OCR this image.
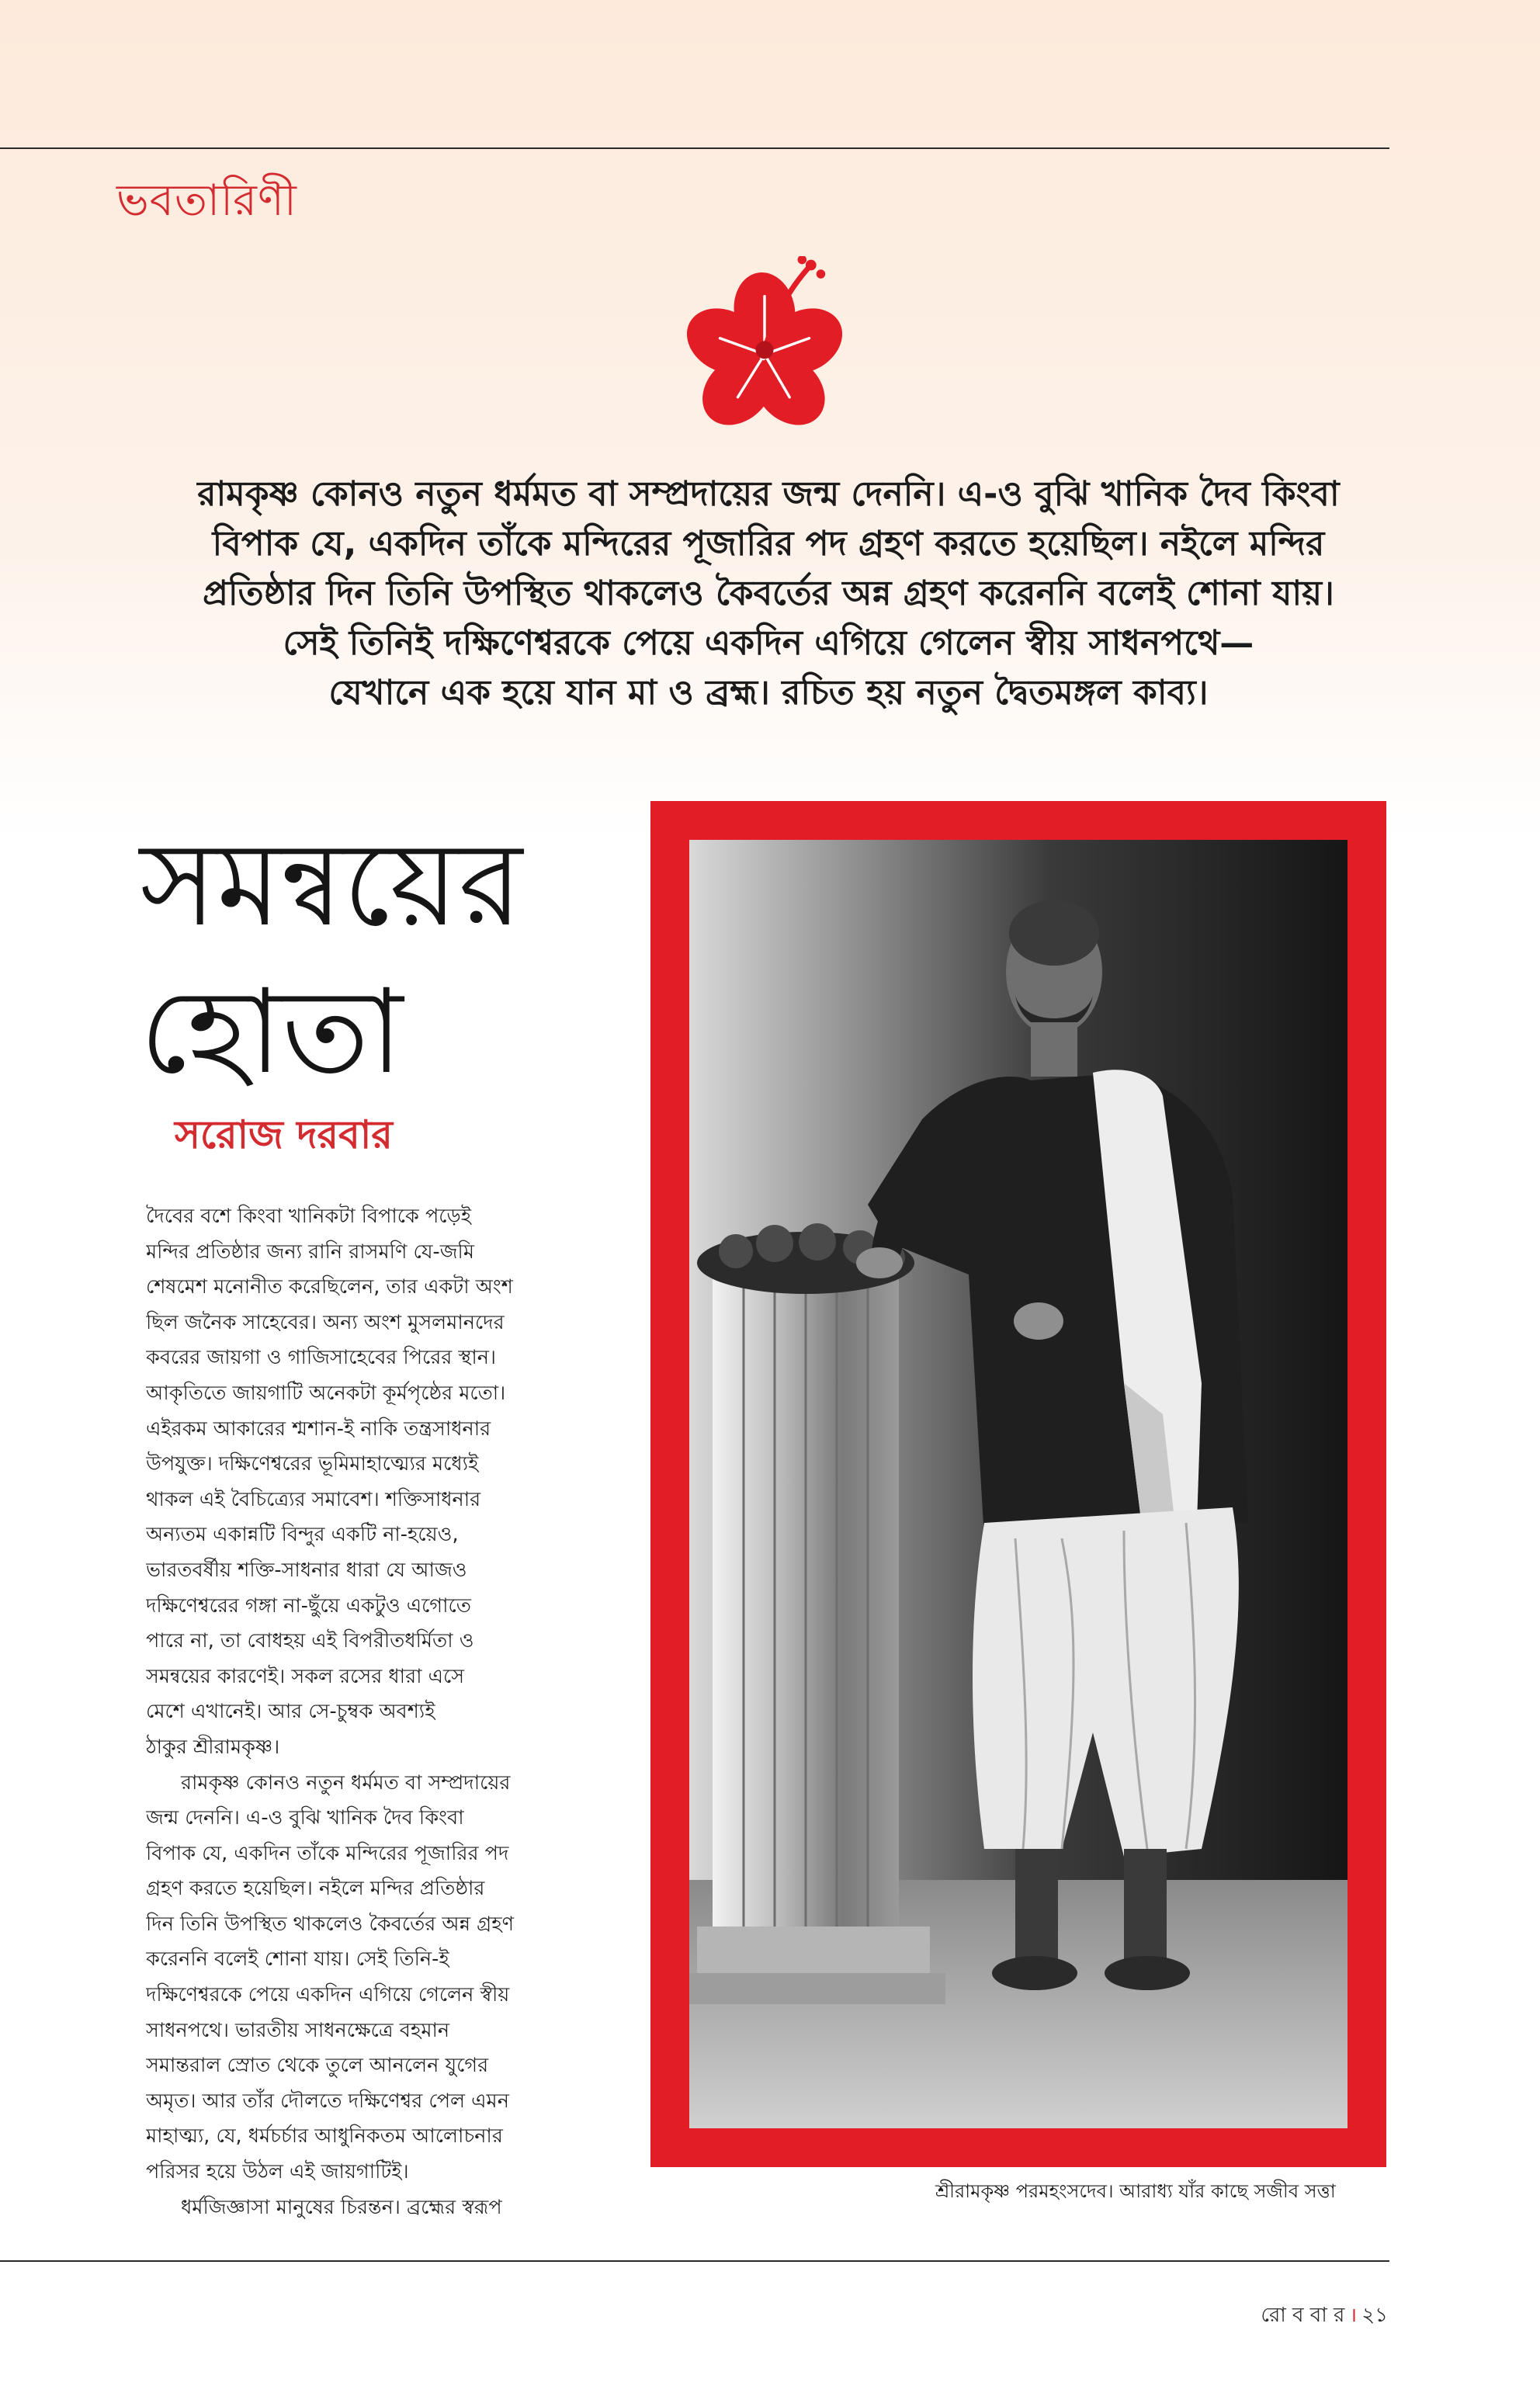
ভবতারিণী

রামকৃষ্ণ কোনও নতুন ধর্মমত বা সম্প্রদায়ের জন্ম দেননি। এ-ও বুঝি খানিক দৈব কিংবা

বিপাক যে, একদিন তাঁকে মন্দিরের পূজারির পদ গ্রহণ করতে হয়েছিল। নইলে মন্দির

প্রতিষ্ঠার দিন তিনি উপস্থিত থাকলেও কৈবর্তের অন্ন গ্রহণ করেননি বলেই শোনা যায়।

সেই তিনিই দক্ষিণেশ্বরকে পেয়ে একদিন এগিয়ে গেলেন স্বীয় সাধনপথে—

যেখানে এক হয়ে যান মা ও ব্রহ্ম। রচিত হয় নতুন দ্বৈতমঙ্গল কাব্য।

সমন্বয়ের
হোতা
সরোজ দরবার
দৈবের বশে কিংবা খানিকটা বিপাকে পড়েই
মন্দির প্রতিষ্ঠার জন্য রানি রাসমণি যে-জমি
শেষমেশ মনোনীত করেছিলেন, তার একটা অংশ
ছিল জনৈক সাহেবের। অন্য অংশ মুসলমানদের
কবরের জায়গা ও গাজিসাহেবের পিরের স্থান।
আকৃতিতে জায়গাটি অনেকটা কূর্মপৃষ্ঠের মতো।
এইরকম আকারের শ্মশান-ই নাকি তন্ত্রসাধনার
উপযুক্ত। দক্ষিণেশ্বরের ভূমিমাহাত্ম্যের মধ্যেই
থাকল এই বৈচিত্র্যের সমাবেশ। শক্তিসাধনার
অন্যতম একান্নটি বিন্দুর একটি না-হয়েও,
ভারতবর্ষীয় শক্তি-সাধনার ধারা যে আজও
দক্ষিণেশ্বরের গঙ্গা না-ছুঁয়ে একটুও এগোতে
পারে না, তা বোধহয় এই বিপরীতধর্মিতা ও
সমন্বয়ের কারণেই। সকল রসের ধারা এসে
মেশে এখানেই। আর সে-চুম্বক অবশ্যই
ঠাকুর শ্রীরামকৃষ্ণ।
রামকৃষ্ণ কোনও নতুন ধর্মমত বা সম্প্রদায়ের
জন্ম দেননি। এ-ও বুঝি খানিক দৈব কিংবা
বিপাক যে, একদিন তাঁকে মন্দিরের পূজারির পদ
গ্রহণ করতে হয়েছিল। নইলে মন্দির প্রতিষ্ঠার
দিন তিনি উপস্থিত থাকলেও কৈবর্তের অন্ন গ্রহণ
করেননি বলেই শোনা যায়। সেই তিনি-ই
দক্ষিণেশ্বরকে পেয়ে একদিন এগিয়ে গেলেন স্বীয়
সাধনপথে। ভারতীয় সাধনক্ষেত্রে বহমান
সমান্তরাল স্রোত থেকে তুলে আনলেন যুগের
অমৃত। আর তাঁর দৌলতে দক্ষিণেশ্বর পেল এমন
মাহাত্ম্য, যে, ধর্মচর্চার আধুনিকতম আলোচনার
পরিসর হয়ে উঠল এই জায়গাটিই।
ধর্মজিজ্ঞাসা মানুষের চিরন্তন। ব্রহ্মের স্বরূপ
শ্রীরামকৃষ্ণ পরমহংসদেব। আরাধ্য যাঁর কাছে সজীব সত্তা
রো ব বা র । ২১
